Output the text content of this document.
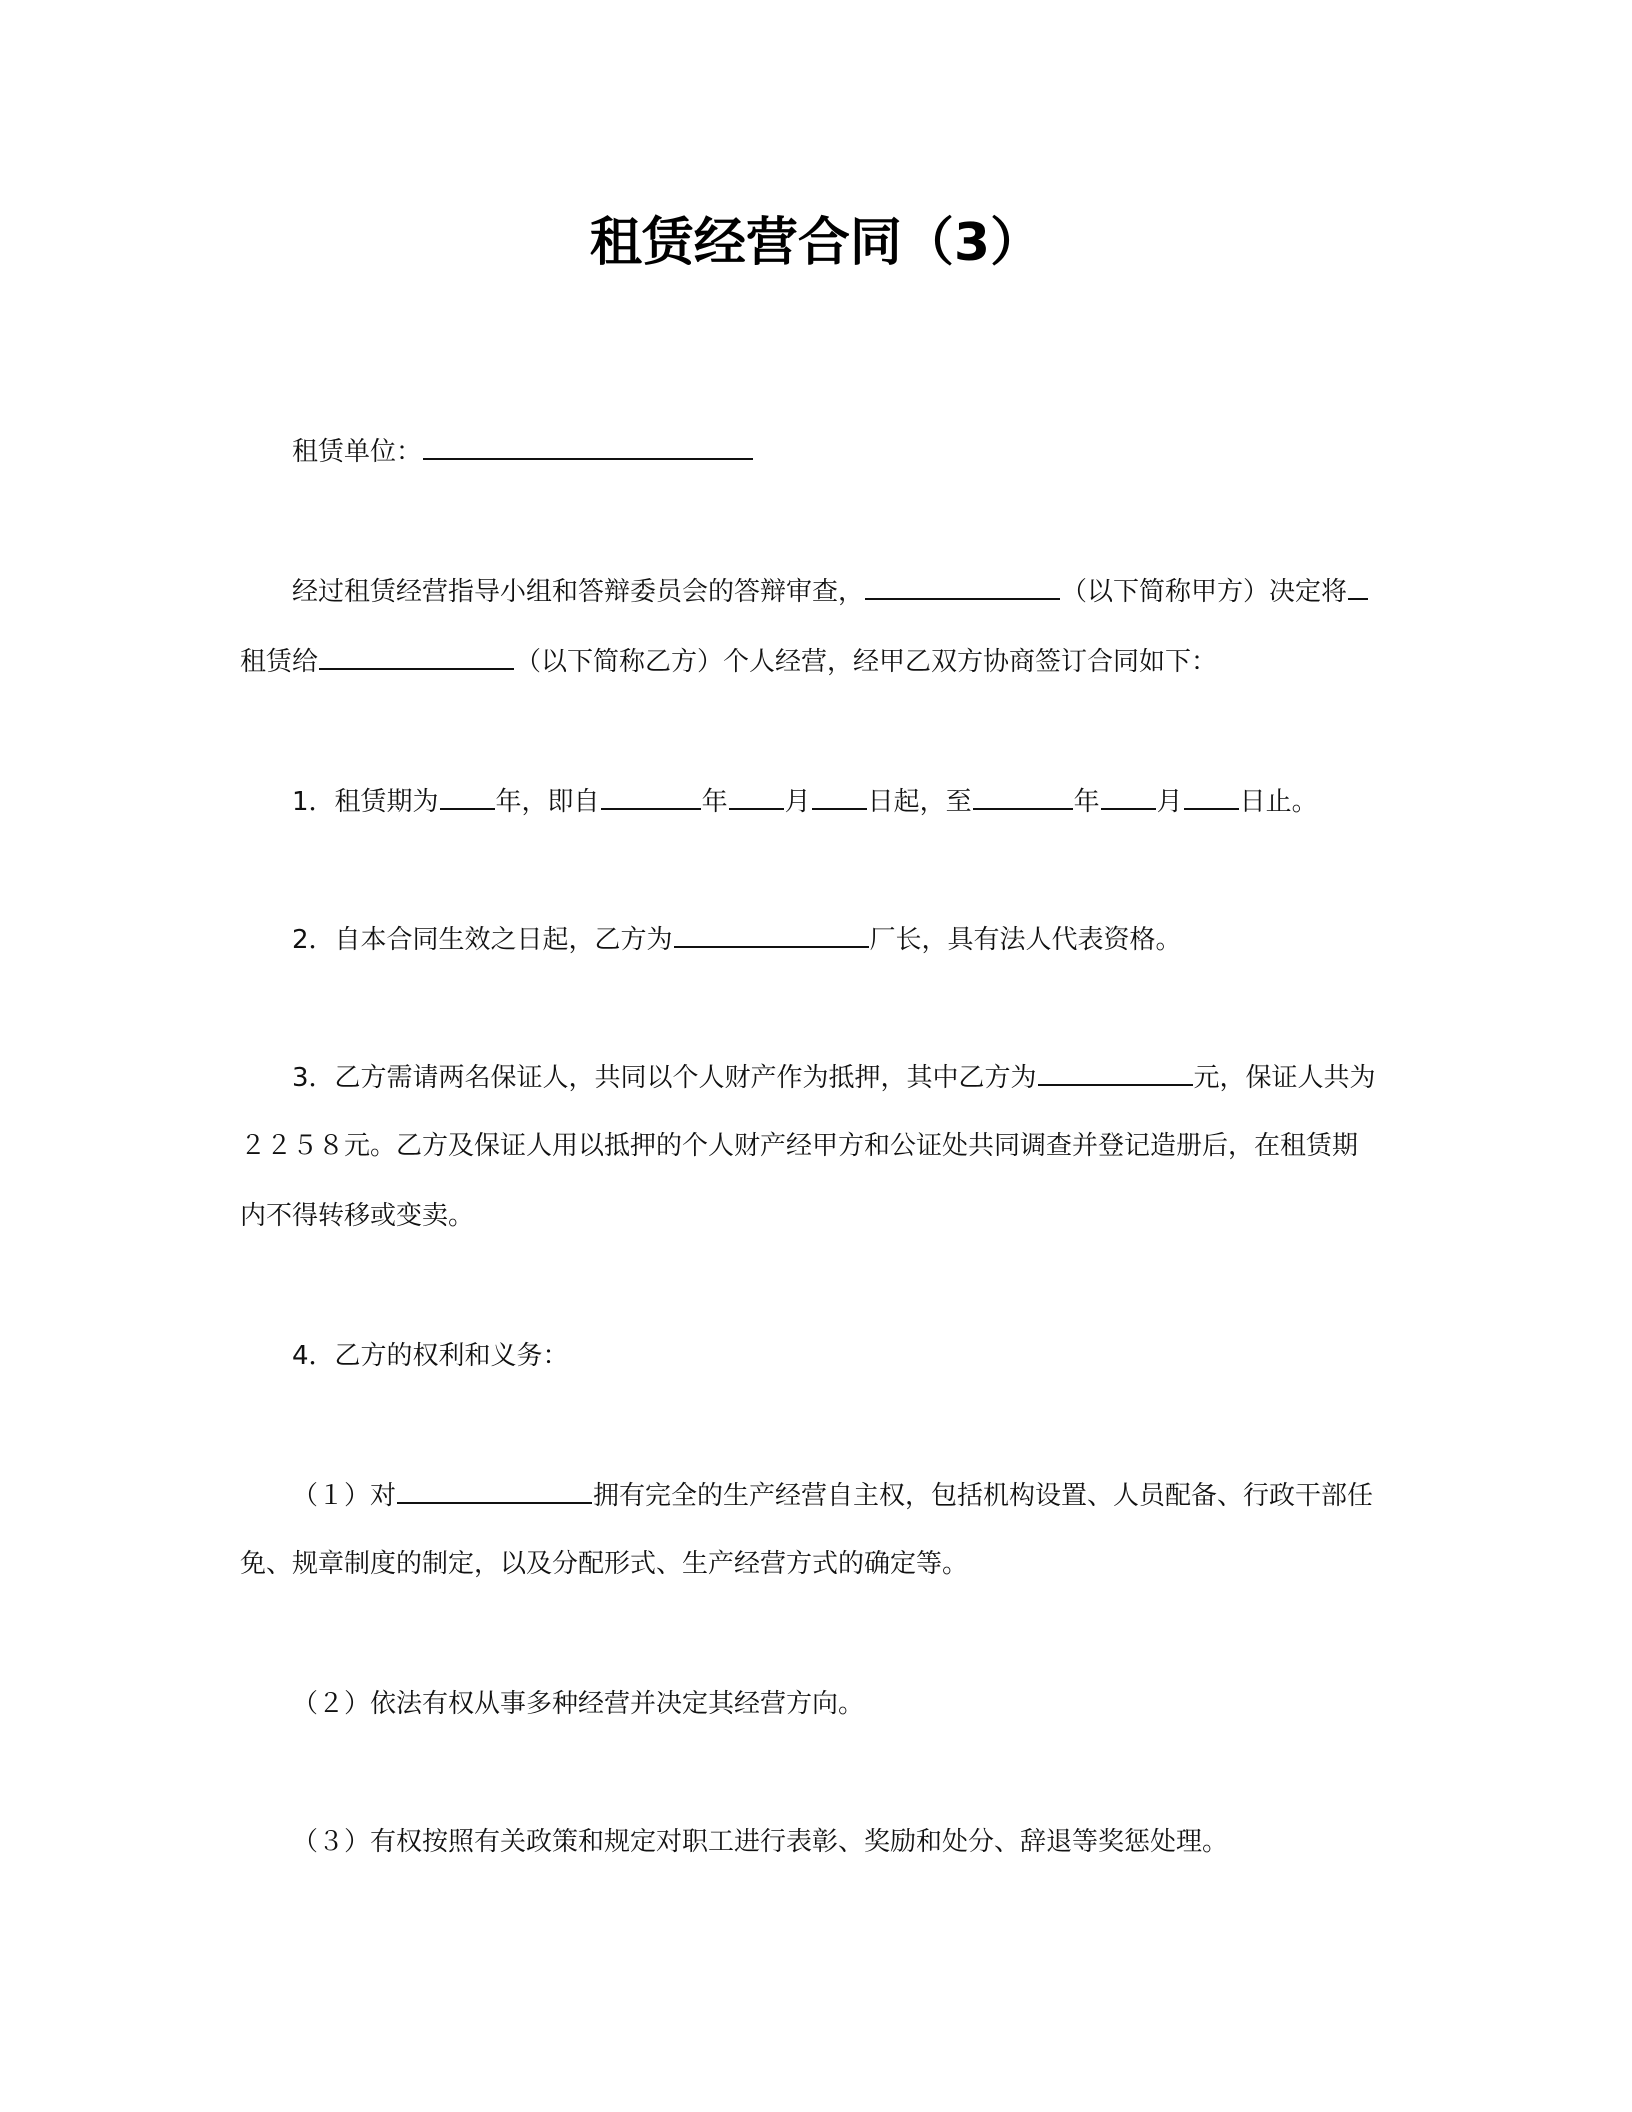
租赁经营合同（3）
租赁单位：
经过租赁经营指导小组和答辩委员会的答辩审查，	（以下简称甲方）决定将
租赁给	（以下简称乙方）个人经营，经甲乙双方协商签订合同如下：
1．租赁期为 年，即自	年 月 日起，至	年 月 日止。
2．自本合同生效之日起，乙方为	厂长，具有法人代表资格。
3．乙方需请两名保证人，共同以个人财产作为抵押，其中乙方为	元，保证人共为
２２５８元。乙方及保证人用以抵押的个人财产经甲方和公证处共同调查并登记造册后，在租赁期
内不得转移或变卖。
4．乙方的权利和义务：
（１）对	拥有完全的生产经营自主权，包括机构设置、人员配备、行政干部任
免、规章制度的制定，以及分配形式、生产经营方式的确定等。
（２）依法有权从事多种经营并决定其经营方向。
（３）有权按照有关政策和规定对职工进行表彰、奖励和处分、辞退等奖惩处理。
